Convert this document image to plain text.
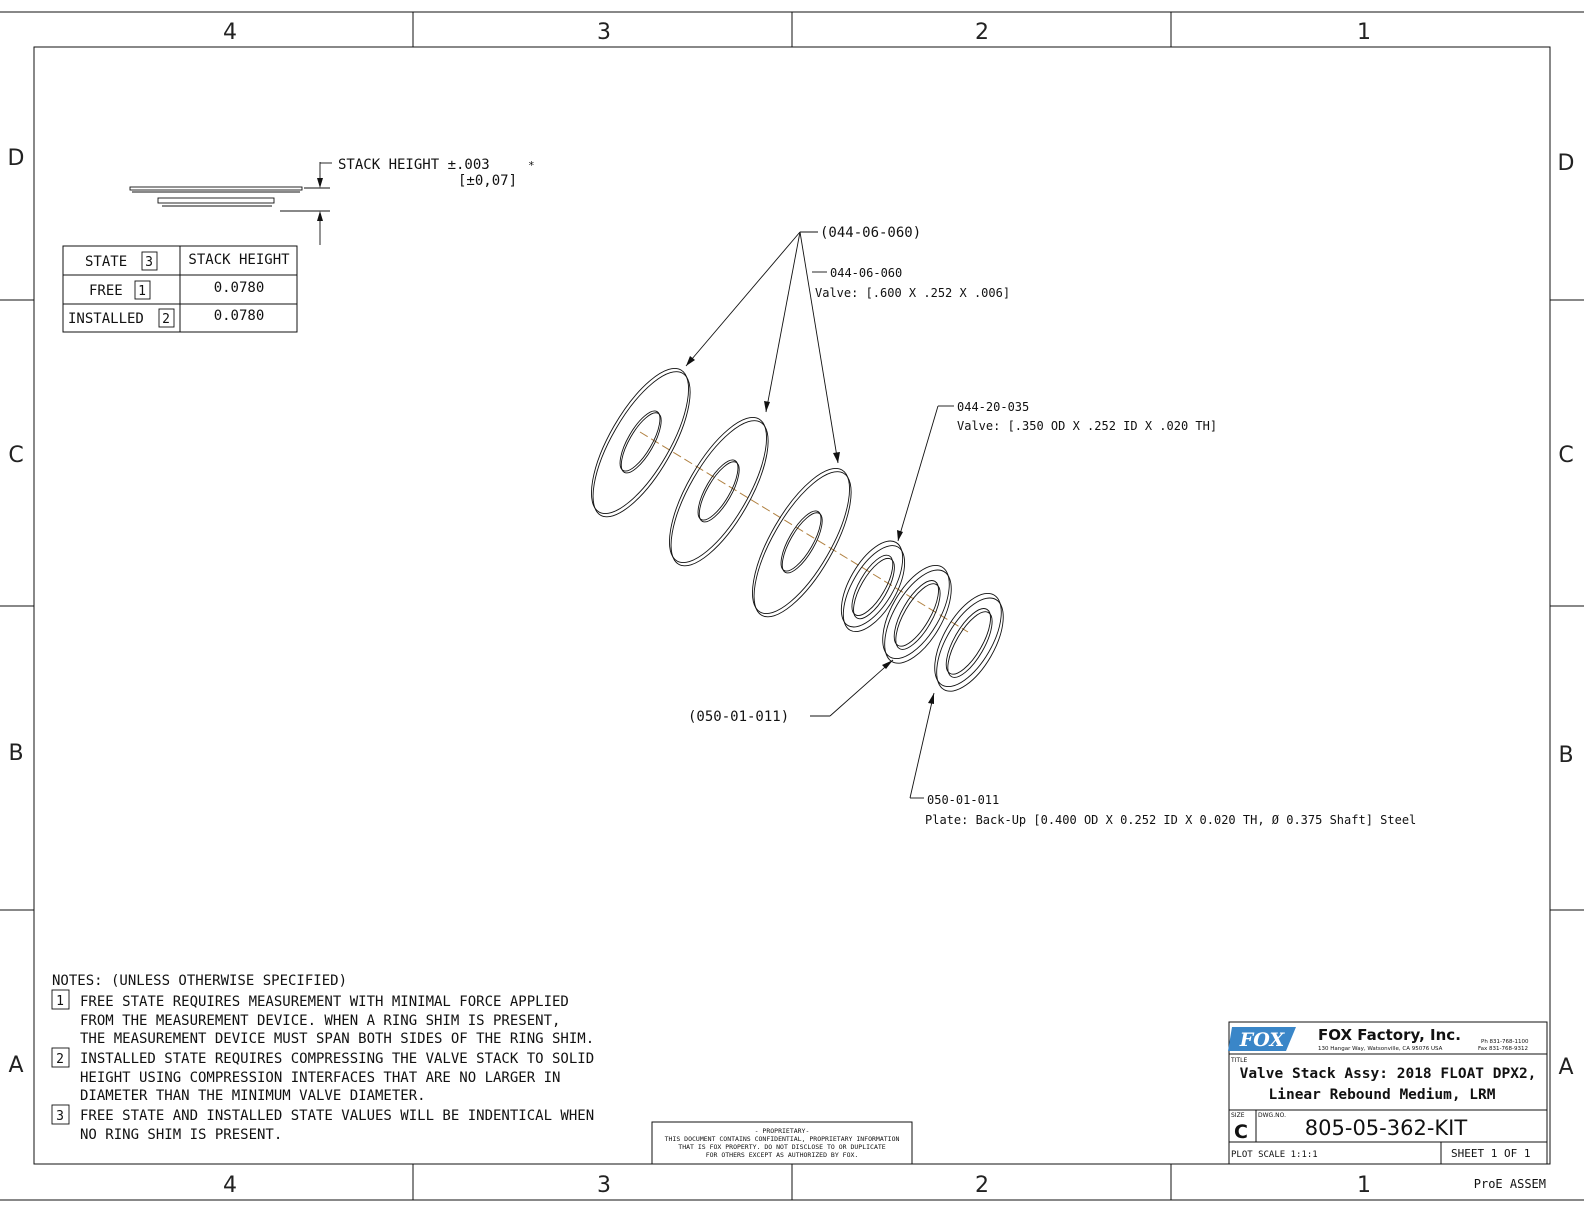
4	3	2	1
4	3	2	1
D
C
B
A
D
C
B
A
STACK HEIGHT ±.003	*
[±0,07]
STATE 3	STACK HEIGHT
FREE 1	0.0780
INSTALLED 2	0.0780
(044-06-060)
044-06-060
Valve: [.600 X .252 X .006]
044-20-035
Valve: [.350 OD X .252 ID X .020 TH]
(050-01-011)
050-01-011
Plate: Back-Up [0.400 OD X 0.252 ID X 0.020 TH, Ø 0.375 Shaft] Steel
NOTES: (UNLESS OTHERWISE SPECIFIED)
1 FREE STATE REQUIRES MEASUREMENT WITH MINIMAL FORCE APPLIED
FROM THE MEASUREMENT DEVICE. WHEN A RING SHIM IS PRESENT,
THE MEASUREMENT DEVICE MUST SPAN BOTH SIDES OF THE RING SHIM.
2 INSTALLED STATE REQUIRES COMPRESSING THE VALVE STACK TO SOLID
HEIGHT USING COMPRESSION INTERFACES THAT ARE NO LARGER IN
DIAMETER THAN THE MINIMUM VALVE DIAMETER.
3 FREE STATE AND INSTALLED STATE VALUES WILL BE INDENTICAL WHEN
NO RING SHIM IS PRESENT.	- PROPRIETARY-
THIS DOCUMENT CONTAINS CONFIDENTIAL, PROPRIETARY INFORMATION
THAT IS FOX PROPERTY. DO NOT DISCLOSE TO OR DUPLICATE
FOR OTHERS EXCEPT AS AUTHORIZED BY FOX.
FOX FOX Factory, Inc.
130 Hangar Way, Watsonville, CA 95076 USA
Ph 831-768-1100
Fax 831-768-9312
TITLE
Valve Stack Assy: 2018 FLOAT DPX2,
Linear Rebound Medium, LRM
SIZE
C
DWG.NO.
805-05-362-KIT
PLOT SCALE 1:1:1	SHEET 1 OF 1
ProE ASSEM
